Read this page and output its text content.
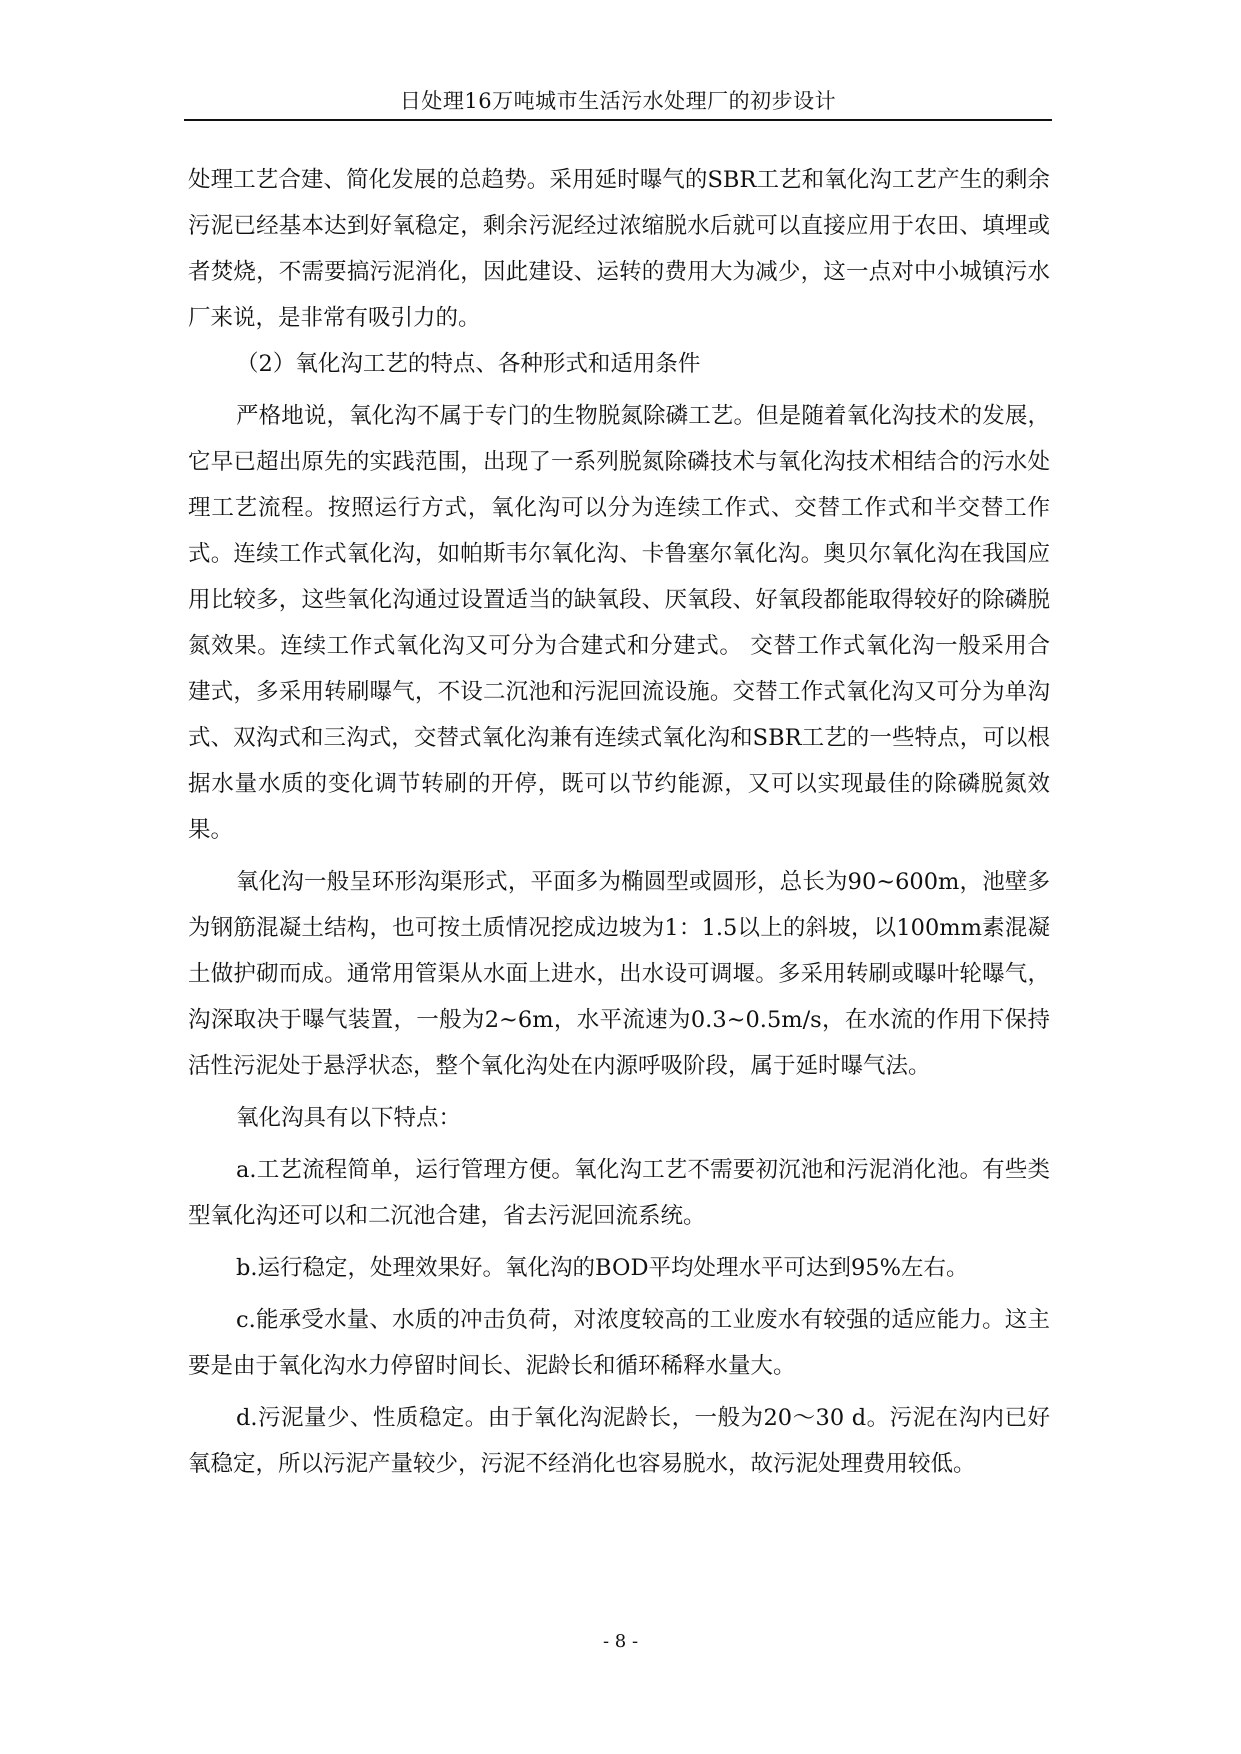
日处理16万吨城市生活污水处理厂的初步设计

处理工艺合建、简化发展的总趋势。采用延时曝气的SBR工艺和氧化沟工艺产生的剩余污泥已经基本达到好氧稳定，剩余污泥经过浓缩脱水后就可以直接应用于农田、填埋或者焚烧，不需要搞污泥消化，因此建设、运转的费用大为减少，这一点对中小城镇污水厂来说，是非常有吸引力的。

（2）氧化沟工艺的特点、各种形式和适用条件

严格地说，氧化沟不属于专门的生物脱氮除磷工艺。但是随着氧化沟技术的发展，它早已超出原先的实践范围，出现了一系列脱氮除磷技术与氧化沟技术相结合的污水处理工艺流程。按照运行方式，氧化沟可以分为连续工作式、交替工作式和半交替工作式。连续工作式氧化沟，如帕斯韦尔氧化沟、卡鲁塞尔氧化沟。奥贝尔氧化沟在我国应用比较多，这些氧化沟通过设置适当的缺氧段、厌氧段、好氧段都能取得较好的除磷脱氮效果。连续工作式氧化沟又可分为合建式和分建式。 交替工作式氧化沟一般采用合建式，多采用转刷曝气，不设二沉池和污泥回流设施。交替工作式氧化沟又可分为单沟式、双沟式和三沟式，交替式氧化沟兼有连续式氧化沟和SBR工艺的一些特点，可以根据水量水质的变化调节转刷的开停，既可以节约能源，又可以实现最佳的除磷脱氮效果。

氧化沟一般呈环形沟渠形式，平面多为椭圆型或圆形，总长为90~600m，池壁多为钢筋混凝土结构，也可按土质情况挖成边坡为1：1.5以上的斜坡，以100mm素混凝土做护砌而成。通常用管渠从水面上进水，出水设可调堰。多采用转刷或曝叶轮曝气，沟深取决于曝气装置，一般为2~6m，水平流速为0.3~0.5m/s，在水流的作用下保持活性污泥处于悬浮状态，整个氧化沟处在内源呼吸阶段，属于延时曝气法。

氧化沟具有以下特点：

a.工艺流程简单，运行管理方便。氧化沟工艺不需要初沉池和污泥消化池。有些类型氧化沟还可以和二沉池合建，省去污泥回流系统。

b.运行稳定，处理效果好。氧化沟的BOD平均处理水平可达到95%左右。

c.能承受水量、水质的冲击负荷，对浓度较高的工业废水有较强的适应能力。这主要是由于氧化沟水力停留时间长、泥龄长和循环稀释水量大。

d.污泥量少、性质稳定。由于氧化沟泥龄长，一般为20～30 d。污泥在沟内已好氧稳定，所以污泥产量较少，污泥不经消化也容易脱水，故污泥处理费用较低。

- 8 -
